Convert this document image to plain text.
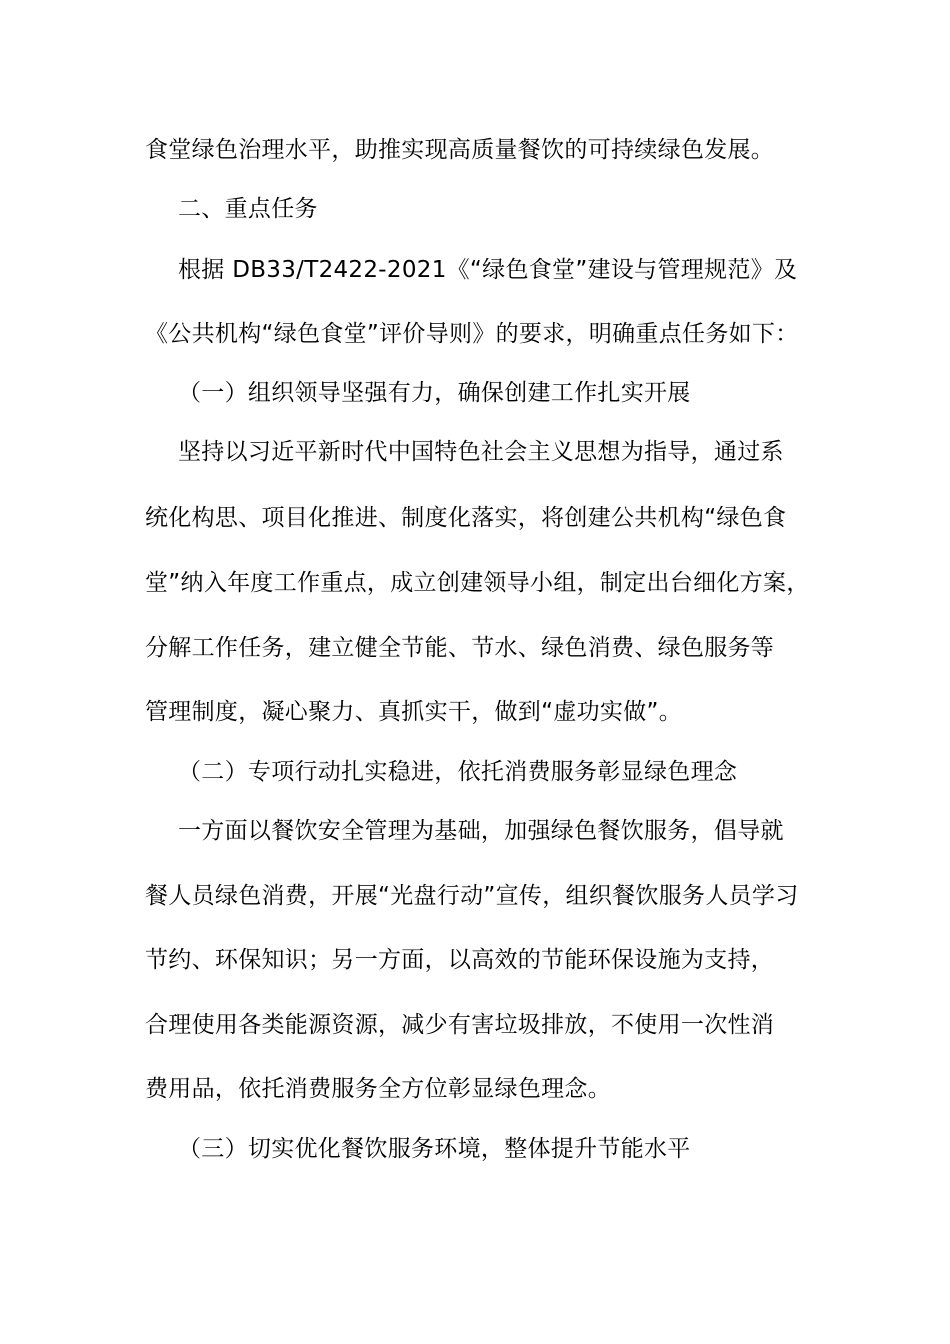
食堂绿色治理水平，助推实现高质量餐饮的可持续绿色发展。
二、重点任务
根据 DB33/T2422-2021《“绿色食堂”建设与管理规范》及
《公共机构“绿色食堂”评价导则》的要求，明确重点任务如下：
（一）组织领导坚强有力，确保创建工作扎实开展
坚持以习近平新时代中国特色社会主义思想为指导，通过系
统化构思、项目化推进、制度化落实，将创建公共机构“绿色食
堂”纳入年度工作重点，成立创建领导小组，制定出台细化方案，
分解工作任务，建立健全节能、节水、绿色消费、绿色服务等
管理制度，凝心聚力、真抓实干，做到“虚功实做”。
（二）专项行动扎实稳进，依托消费服务彰显绿色理念
一方面以餐饮安全管理为基础，加强绿色餐饮服务，倡导就
餐人员绿色消费，开展“光盘行动”宣传，组织餐饮服务人员学习
节约、环保知识；另一方面，以高效的节能环保设施为支持，
合理使用各类能源资源，减少有害垃圾排放，不使用一次性消
费用品，依托消费服务全方位彰显绿色理念。
（三）切实优化餐饮服务环境，整体提升节能水平
